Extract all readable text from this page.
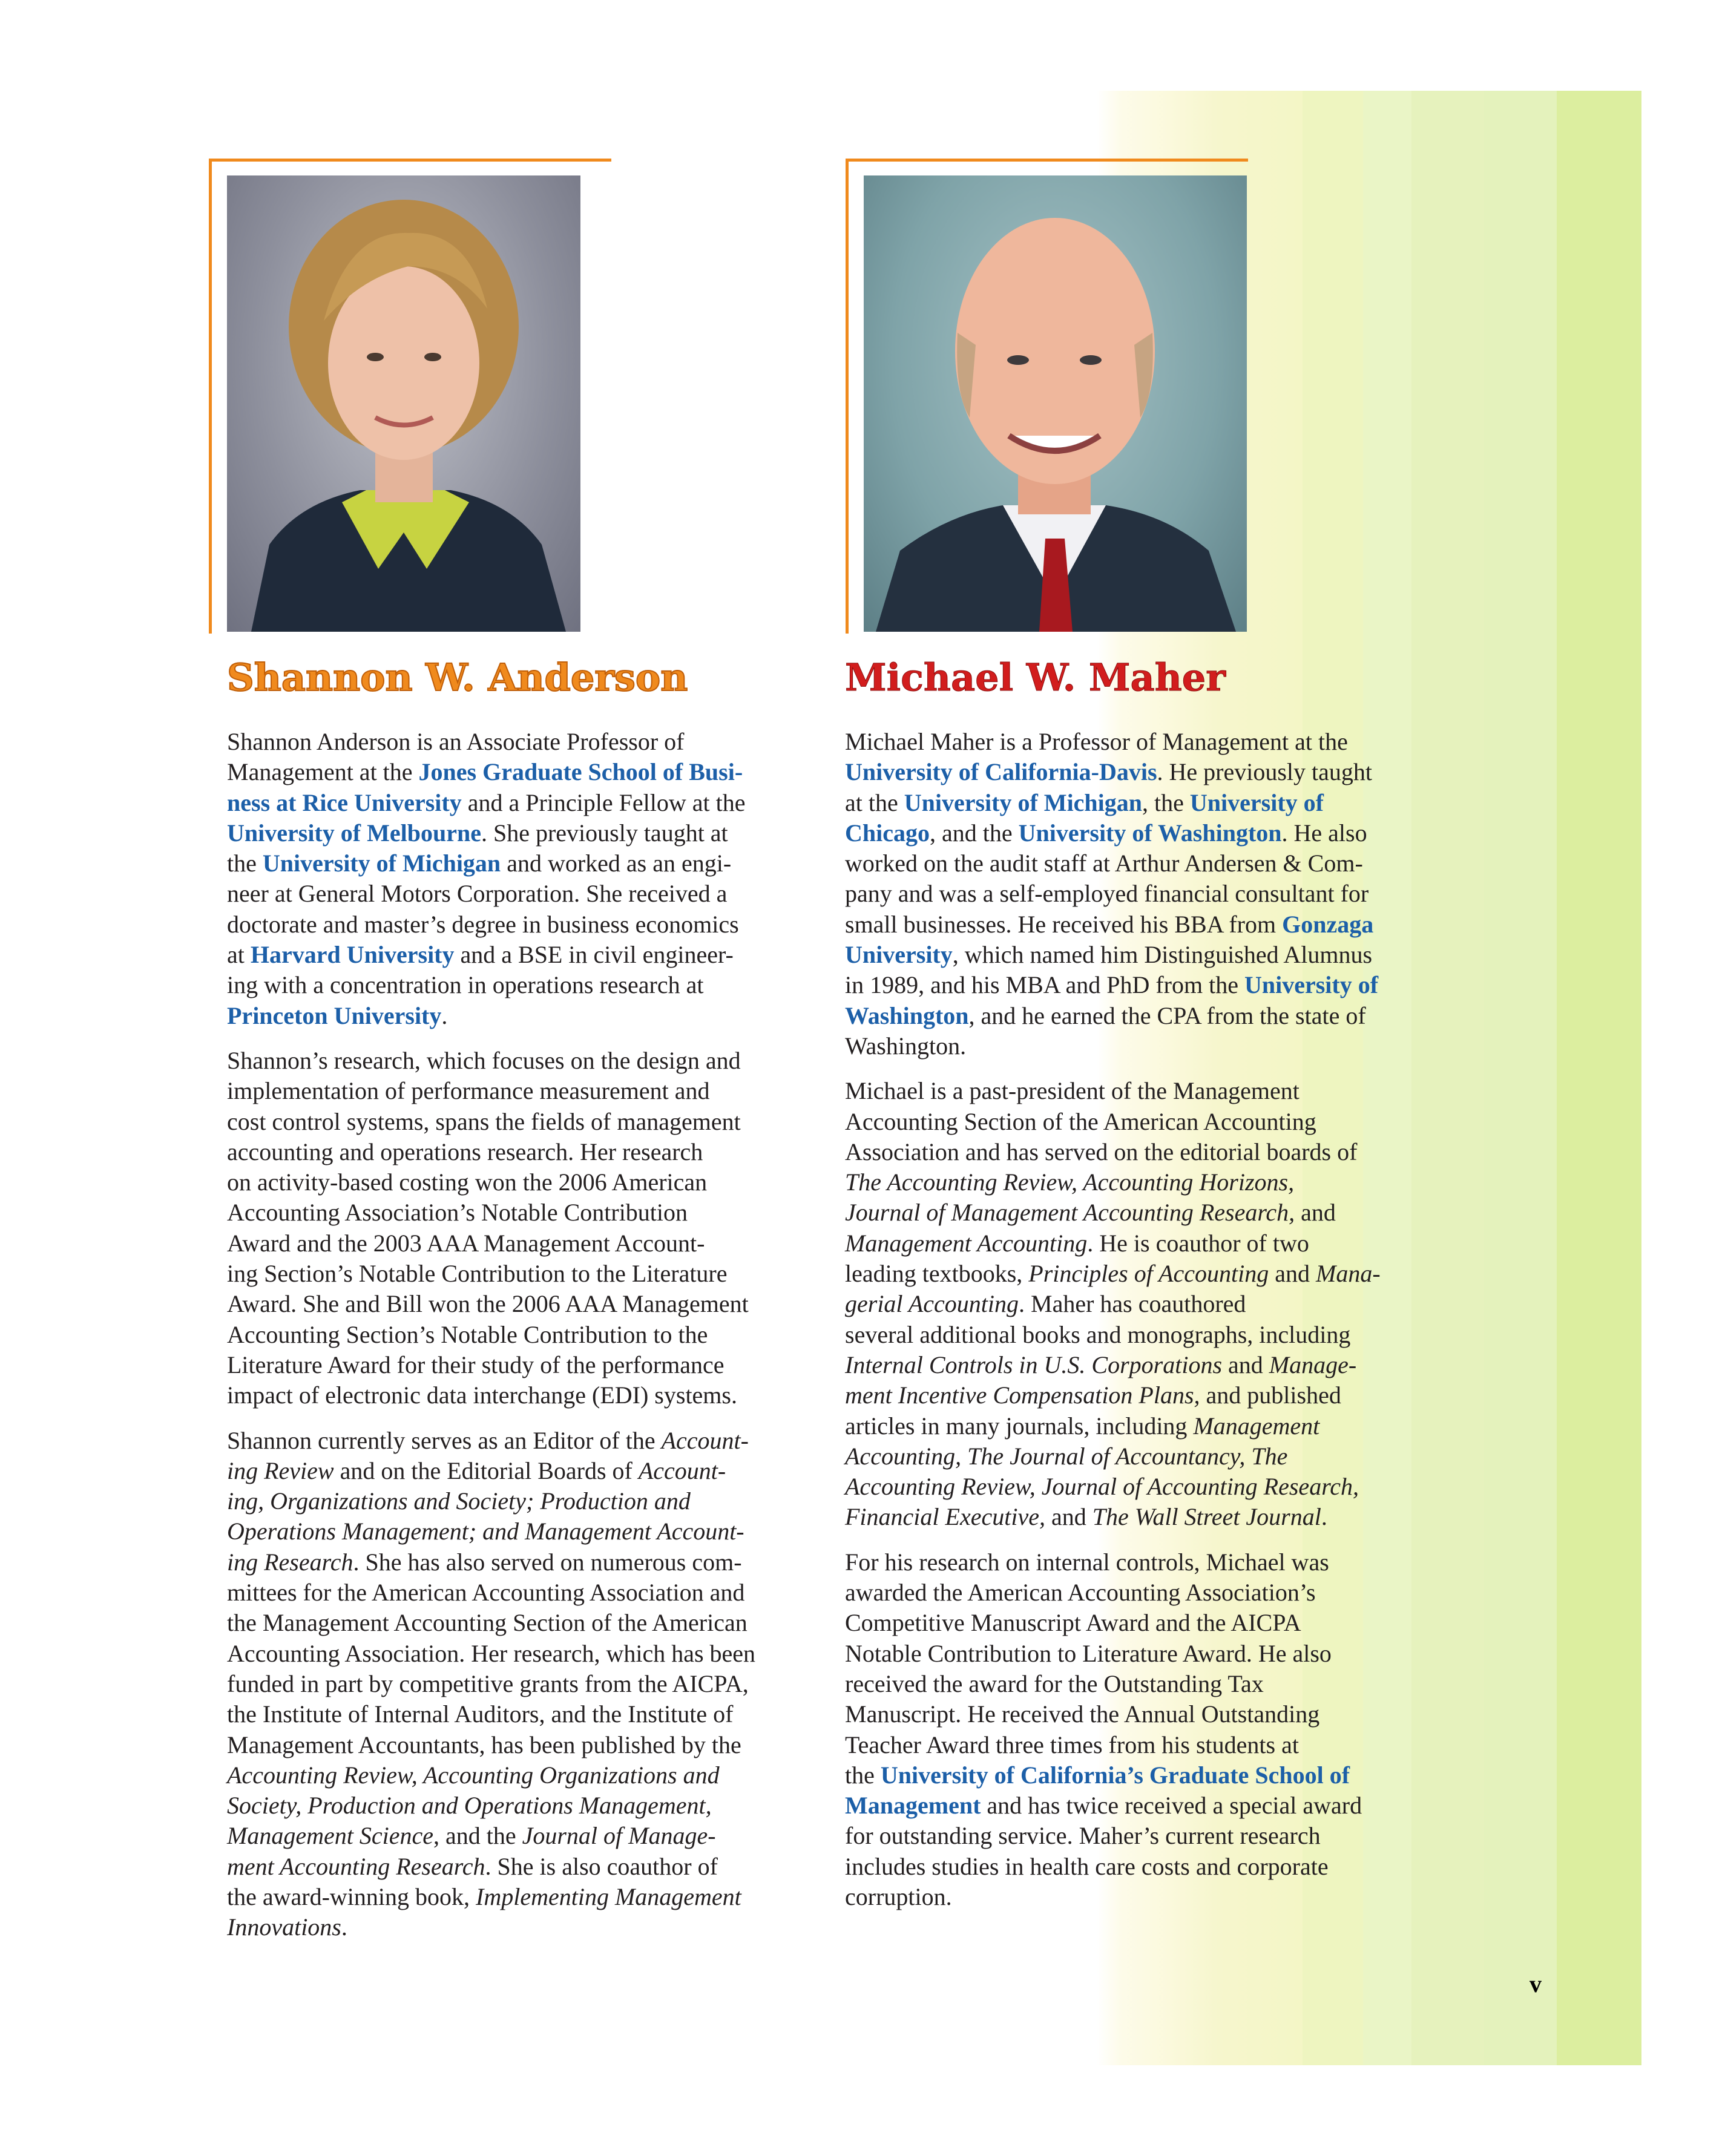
Shannon W. Anderson	Michael W. Maher

Shannon Anderson is an Associate Professor of
Management at the Jones Graduate School of Busi-
ness at Rice University and a Principle Fellow at the
University of Melbourne. She previously taught at
the University of Michigan and worked as an engi-
neer at General Motors Corporation. She received a
doctorate and master’s degree in business economics
at Harvard University and a BSE in civil engineer-
ing with a concentration in operations research at
Princeton University.

Shannon’s research, which focuses on the design and
implementation of performance measurement and
cost control systems, spans the fields of management
accounting and operations research. Her research
on activity-based costing won the 2006 American
Accounting Association’s Notable Contribution
Award and the 2003 AAA Management Account-
ing Section’s Notable Contribution to the Literature
Award. She and Bill won the 2006 AAA Management
Accounting Section’s Notable Contribution to the
Literature Award for their study of the performance
impact of electronic data interchange (EDI) systems.

Shannon currently serves as an Editor of the Account-
ing Review and on the Editorial Boards of Account-
ing, Organizations and Society; Production and
Operations Management; and Management Account-
ing Research. She has also served on numerous com-
mittees for the American Accounting Association and
the Management Accounting Section of the American
Accounting Association. Her research, which has been
funded in part by competitive grants from the AICPA,
the Institute of Internal Auditors, and the Institute of
Management Accountants, has been published by the
Accounting Review, Accounting Organizations and
Society, Production and Operations Management,
Management Science, and the Journal of Manage-
ment Accounting Research. She is also coauthor of
the award-winning book, Implementing Management
Innovations.

Michael Maher is a Professor of Management at the
University of California-Davis. He previously taught
at the University of Michigan, the University of
Chicago, and the University of Washington. He also
worked on the audit staff at Arthur Andersen & Com-
pany and was a self-employed financial consultant for
small businesses. He received his BBA from Gonzaga
University, which named him Distinguished Alumnus
in 1989, and his MBA and PhD from the University of
Washington, and he earned the CPA from the state of
Washington.

Michael is a past-president of the Management
Accounting Section of the American Accounting
Association and has served on the editorial boards of
The Accounting Review, Accounting Horizons,
Journal of Management Accounting Research, and
Management Accounting. He is coauthor of two
leading textbooks, Principles of Accounting and Mana-
gerial Accounting. Maher has coauthored
several additional books and monographs, including
Internal Controls in U.S. Corporations and Manage-
ment Incentive Compensation Plans, and published
articles in many journals, including Management
Accounting, The Journal of Accountancy, The
Accounting Review, Journal of Accounting Research,
Financial Executive, and The Wall Street Journal.

For his research on internal controls, Michael was
awarded the American Accounting Association’s
Competitive Manuscript Award and the AICPA
Notable Contribution to Literature Award. He also
received the award for the Outstanding Tax
Manuscript. He received the Annual Outstanding
Teacher Award three times from his students at
the University of California’s Graduate School of
Management and has twice received a special award
for outstanding service. Maher’s current research
includes studies in health care costs and corporate
corruption.

v
